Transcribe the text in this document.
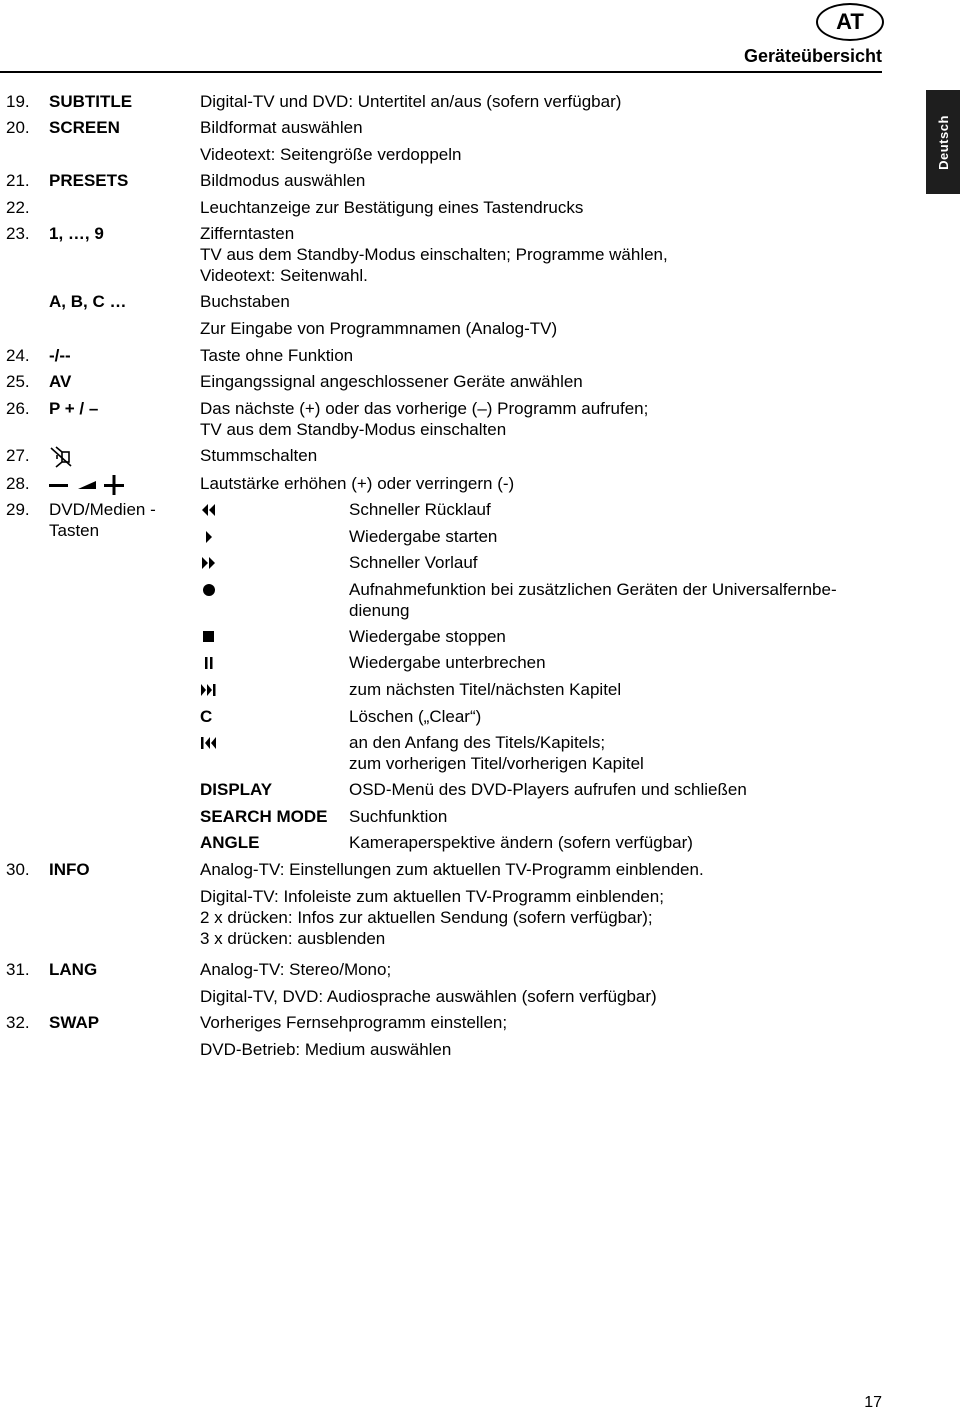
AT
Geräteübersicht
Deutsch
19. SUBTITLE	Digital-TV und DVD: Untertitel an/aus (sofern verfügbar)
20. SCREEN	Bildformat auswählen
Videotext: Seitengröße verdoppeln
21. PRESETS	Bildmodus auswählen
22.	Leuchtanzeige zur Bestätigung eines Tastendrucks
23. 1, …, 9	Zifferntasten
TV aus dem Standby-Modus einschalten; Programme wählen,
Videotext: Seitenwahl.
A, B, C …	Buchstaben
Zur Eingabe von Programmnamen (Analog-TV)
24. -/--	Taste ohne Funktion
25. AV	Eingangssignal angeschlossener Geräte anwählen
26. P + / –	Das nächste (+) oder das vorherige (–) Programm aufrufen;
TV aus dem Standby-Modus einschalten
27.	Stummschalten
28.	Lautstärke erhöhen (+) oder verringern (-)
29. DVD/Medien -
Tasten
Schneller Rücklauf
Wiedergabe starten
Schneller Vorlauf
Aufnahmefunktion bei zusätzlichen Geräten der Universalfernbe-
dienung
Wiedergabe stoppen
Wiedergabe unterbrechen
zum nächsten Titel/nächsten Kapitel
C	Löschen („Clear“)
an den Anfang des Titels/Kapitels;
zum vorherigen Titel/vorherigen Kapitel
DISPLAY	OSD-Menü des DVD-Players aufrufen und schließen
SEARCH MODE Suchfunktion
ANGLE	Kameraperspektive ändern (sofern verfügbar)
30. INFO	Analog-TV: Einstellungen zum aktuellen TV-Programm einblenden.
Digital-TV: Infoleiste zum aktuellen TV-Programm einblenden;
2 x drücken: Infos zur aktuellen Sendung (sofern verfügbar);
3 x drücken: ausblenden
31. LANG	Analog-TV: Stereo/Mono;
Digital-TV, DVD: Audiosprache auswählen (sofern verfügbar)
32. SWAP	Vorheriges Fernsehprogramm einstellen;
DVD-Betrieb: Medium auswählen
17
